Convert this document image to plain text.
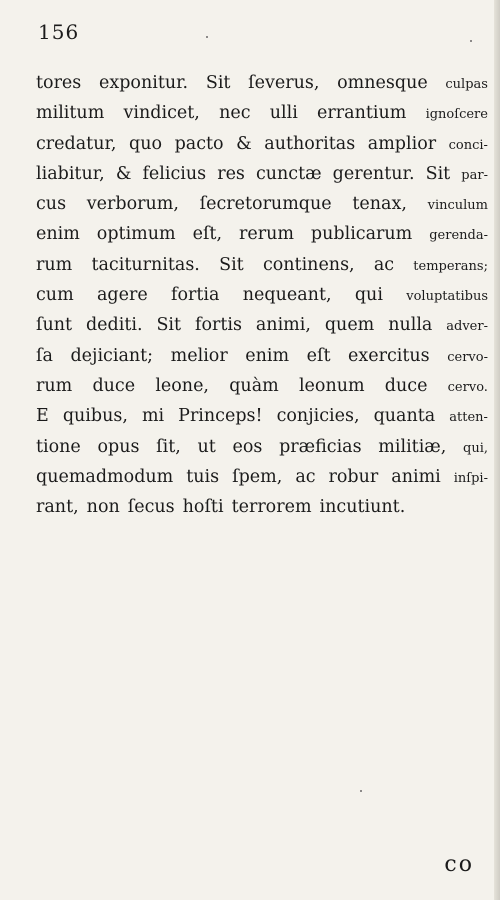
156
tores exponitur. Sit ſeverus, omnesque culpas
militum vindicet, nec ulli errantium ignoſcere
credatur, quo pacto & authoritas amplior conci-
liabitur, & felicius res cunctæ gerentur. Sit par-
cus verborum, ſecretorumque tenax, vinculum
enim optimum eſt, rerum publicarum gerenda-
rum taciturnitas. Sit continens, ac temperans;
cum agere fortia nequeant, qui voluptatibus
ſunt dediti. Sit fortis animi, quem nulla adver-
ſa dejiciant; melior enim eſt exercitus cervo-
rum duce leone, quàm leonum duce cervo.
E quibus, mi Princeps! conjicies, quanta atten-
tione opus ſit, ut eos præficias militiæ, qui,
quemadmodum tuis ſpem, ac robur animi inſpi-
rant, non ſecus hoſti terrorem incutiunt.
co
